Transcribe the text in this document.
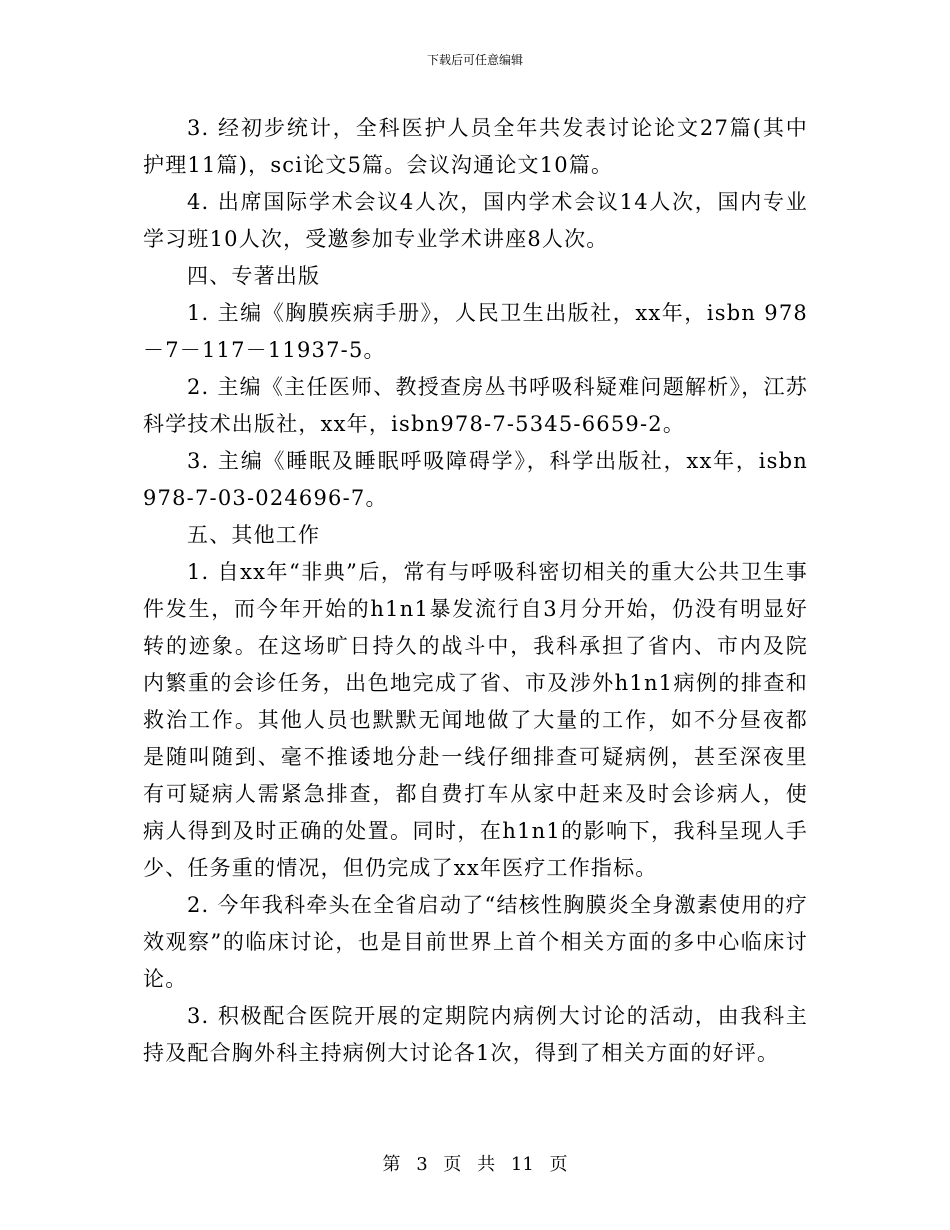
下载后可任意编辑

3. 经初步统计，全科医护人员全年共发表讨论论文27篇(其中护理11篇)，sci论文5篇。会议沟通论文10篇。

4. 出席国际学术会议4人次，国内学术会议14人次，国内专业学习班10人次，受邀参加专业学术讲座8人次。

四、专著出版

1. 主编《胸膜疾病手册》，人民卫生出版社，xx年，isbn 978－7－117－11937-5。

2. 主编《主任医师、教授查房丛书呼吸科疑难问题解析》，江苏科学技术出版社，xx年，isbn978-7-5345-6659-2。

3. 主编《睡眠及睡眠呼吸障碍学》，科学出版社，xx年，isbn 978-7-03-024696-7。

五、其他工作

1. 自xx年“非典”后，常有与呼吸科密切相关的重大公共卫生事件发生，而今年开始的h1n1暴发流行自3月分开始，仍没有明显好转的迹象。在这场旷日持久的战斗中，我科承担了省内、市内及院内繁重的会诊任务，出色地完成了省、市及涉外h1n1病例的排查和救治工作。其他人员也默默无闻地做了大量的工作，如不分昼夜都是随叫随到、毫不推诿地分赴一线仔细排查可疑病例，甚至深夜里有可疑病人需紧急排查，都自费打车从家中赶来及时会诊病人，使病人得到及时正确的处置。同时，在h1n1的影响下，我科呈现人手少、任务重的情况，但仍完成了xx年医疗工作指标。

2. 今年我科牵头在全省启动了“结核性胸膜炎全身激素使用的疗效观察”的临床讨论，也是目前世界上首个相关方面的多中心临床讨论。

3. 积极配合医院开展的定期院内病例大讨论的活动，由我科主持及配合胸外科主持病例大讨论各1次，得到了相关方面的好评。

第 3 页 共 11 页
